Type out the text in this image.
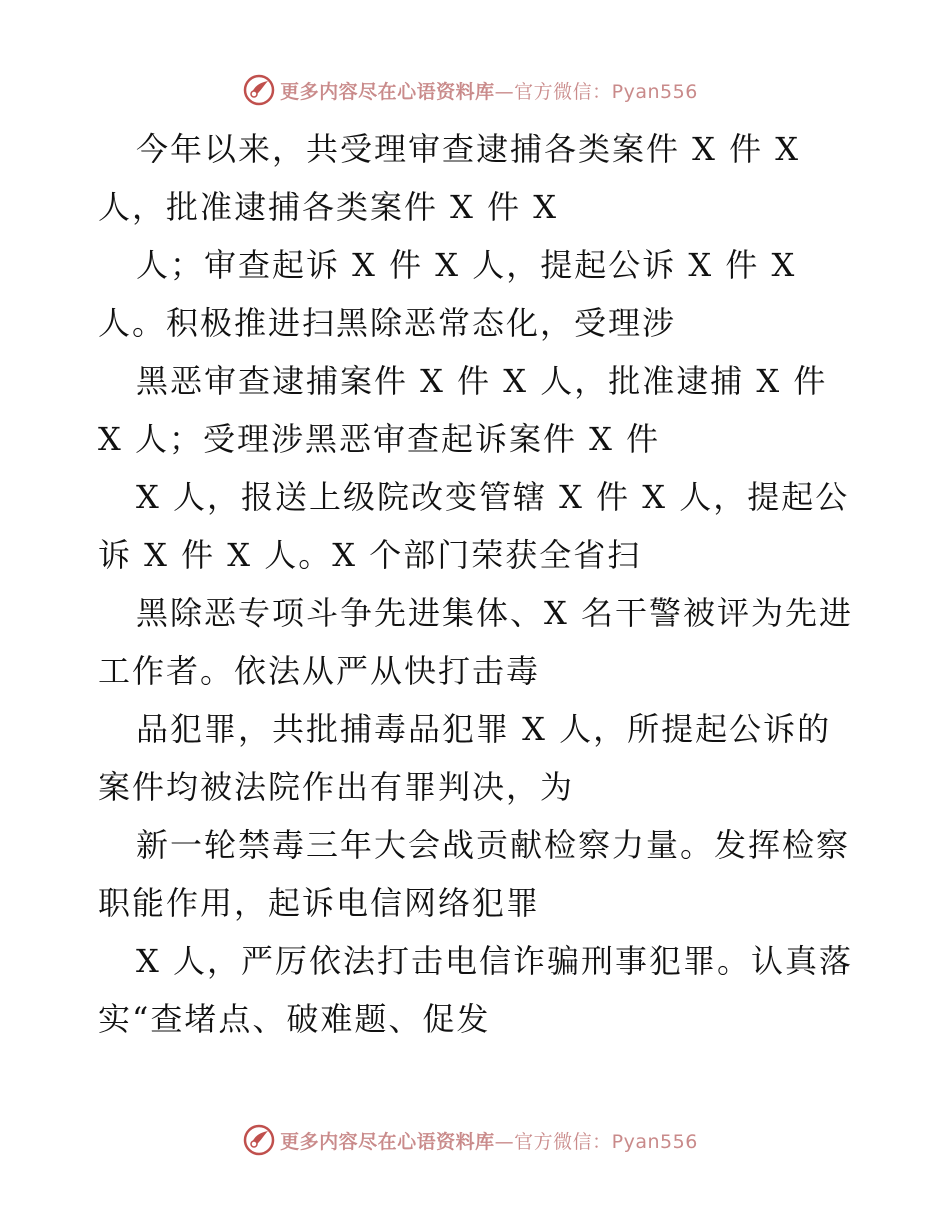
更多内容尽在心语资料库—官方微信：Pyan556
今年以来，共受理审查逮捕各类案件 X 件 X
人，批准逮捕各类案件 X 件 X
人；审查起诉 X 件 X 人，提起公诉 X 件 X
人。积极推进扫黑除恶常态化，受理涉
黑恶审查逮捕案件 X 件 X 人，批准逮捕 X 件
X 人；受理涉黑恶审查起诉案件 X 件
X 人，报送上级院改变管辖 X 件 X 人，提起公
诉 X 件 X 人。X 个部门荣获全省扫
黑除恶专项斗争先进集体、X 名干警被评为先进
工作者。依法从严从快打击毒
品犯罪，共批捕毒品犯罪 X 人，所提起公诉的
案件均被法院作出有罪判决，为
新一轮禁毒三年大会战贡献检察力量。发挥检察
职能作用，起诉电信网络犯罪
X 人，严厉依法打击电信诈骗刑事犯罪。认真落
实“查堵点、破难题、促发
更多内容尽在心语资料库—官方微信：Pyan556
